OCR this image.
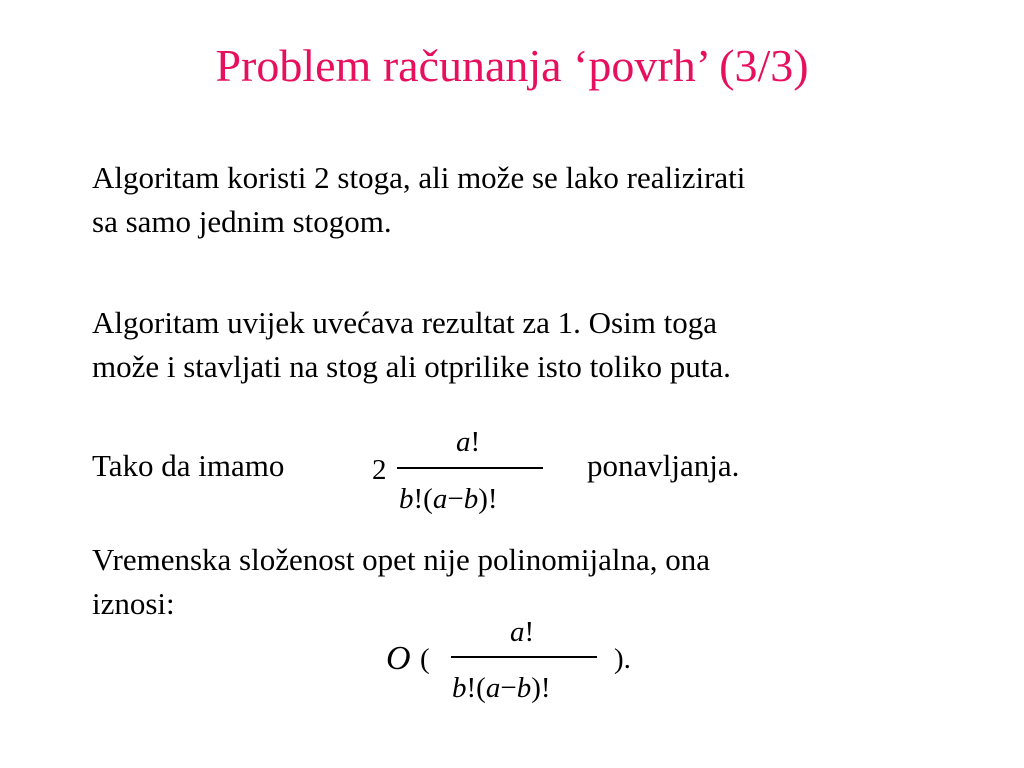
Problem računanja ‘povrh’ (3/3)

Algoritam koristi 2 stoga, ali može se lako realizirati
sa samo jednim stogom.

Algoritam uvijek uvećava rezultat za 1. Osim toga
može i stavljati na stog ali otprilike isto toliko puta.

Tako da imamo	2
a!
b!(a−b)!
ponavljanja.

Vremenska složenost opet nije polinomijalna, ona
iznosi:

O (
a!
b!(a−b)!
).
